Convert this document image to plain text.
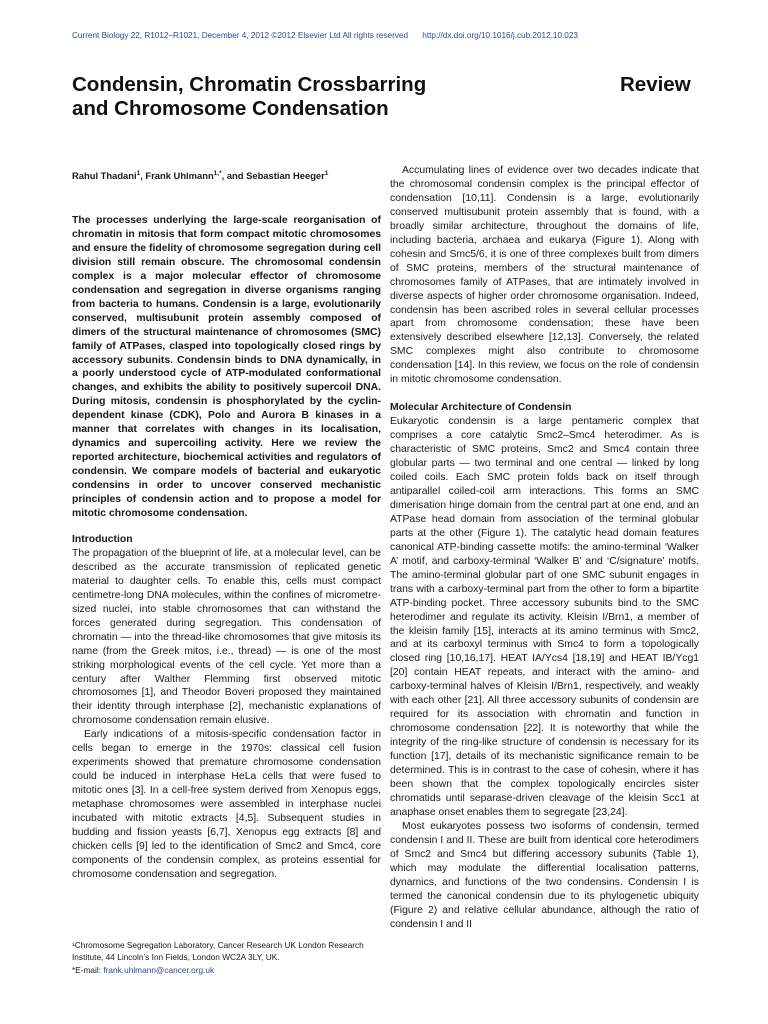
Current Biology 22, R1012–R1021, December 4, 2012 ©2012 Elsevier Ltd All rights reserved http://dx.doi.org/10.1016/j.cub.2012.10.023
Condensin, Chromatin Crossbarring
and Chromosome Condensation
Review
Rahul Thadani$^1$, Frank Uhlmann$^{1,*}$, and Sebastian Heeger$^1$

The processes underlying the large-scale reorganisation of chromatin in mitosis that form compact mitotic chromosomes and ensure the fidelity of chromosome segregation during cell division still remain obscure. The chromosomal condensin complex is a major molecular effector of chromosome condensation and segregation in diverse organisms ranging from bacteria to humans. Condensin is a large, evolutionarily conserved, multisubunit protein assembly composed of dimers of the structural maintenance of chromosomes (SMC) family of ATPases, clasped into topologically closed rings by accessory subunits. Condensin binds to DNA dynamically, in a poorly understood cycle of ATP-modulated conformational changes, and exhibits the ability to positively supercoil DNA. During mitosis, condensin is phosphorylated by the cyclin-dependent kinase (CDK), Polo and Aurora B kinases in a manner that correlates with changes in its localisation, dynamics and supercoiling activity. Here we review the reported architecture, biochemical activities and regulators of condensin. We compare models of bacterial and eukaryotic condensins in order to uncover conserved mechanistic principles of condensin action and to propose a model for mitotic chromosome condensation.

Introduction

The propagation of the blueprint of life, at a molecular level, can be described as the accurate transmission of replicated genetic material to daughter cells. To enable this, cells must compact centimetre-long DNA molecules, within the confines of micrometre-sized nuclei, into stable chromosomes that can withstand the forces generated during segregation. This condensation of chromatin — into the thread-like chromosomes that give mitosis its name (from the Greek mitos, i.e., thread) — is one of the most striking morphological events of the cell cycle. Yet more than a century after Walther Flemming first observed mitotic chromosomes [1], and Theodor Boveri proposed they maintained their identity through interphase [2], mechanistic explanations of chromosome condensation remain elusive.

Early indications of a mitosis-specific condensation factor in cells began to emerge in the 1970s: classical cell fusion experiments showed that premature chromosome condensation could be induced in interphase HeLa cells that were fused to mitotic ones [3]. In a cell-free system derived from Xenopus eggs, metaphase chromosomes were assembled in interphase nuclei incubated with mitotic extracts [4,5]. Subsequent studies in budding and fission yeasts [6,7], Xenopus egg extracts [8] and chicken cells [9] led to the identification of Smc2 and Smc4, core components of the condensin complex, as proteins essential for chromosome condensation and segregation.

¹Chromosome Segregation Laboratory, Cancer Research UK London Research Institute, 44 Lincoln’s Inn Fields, London WC2A 3LY, UK.
*E-mail: frank.uhlmann@cancer.org.uk

Accumulating lines of evidence over two decades indicate that the chromosomal condensin complex is the principal effector of condensation [10,11]. Condensin is a large, evolutionarily conserved multisubunit protein assembly that is found, with a broadly similar architecture, throughout the domains of life, including bacteria, archaea and eukarya (Figure 1). Along with cohesin and Smc5/6, it is one of three complexes built from dimers of SMC proteins, members of the structural maintenance of chromosomes family of ATPases, that are intimately involved in diverse aspects of higher order chromosome organisation. Indeed, condensin has been ascribed roles in several cellular processes apart from chromosome condensation; these have been extensively described elsewhere [12,13]. Conversely, the related SMC complexes might also contribute to chromosome condensation [14]. In this review, we focus on the role of condensin in mitotic chromosome condensation.

Molecular Architecture of Condensin

Eukaryotic condensin is a large pentameric complex that comprises a core catalytic Smc2–Smc4 heterodimer. As is characteristic of SMC proteins, Smc2 and Smc4 contain three globular parts — two terminal and one central — linked by long coiled coils. Each SMC protein folds back on itself through antiparallel coiled-coil arm interactions. This forms an SMC dimerisation hinge domain from the central part at one end, and an ATPase head domain from association of the terminal globular parts at the other (Figure 1). The catalytic head domain features canonical ATP-binding cassette motifs: the amino-terminal ‘Walker A’ motif, and carboxy-terminal ‘Walker B’ and ‘C/signature’ motifs. The amino-terminal globular part of one SMC subunit engages in trans with a carboxy-terminal part from the other to form a bipartite ATP-binding pocket. Three accessory subunits bind to the SMC heterodimer and regulate its activity. Kleisin I/Brn1, a member of the kleisin family [15], interacts at its amino terminus with Smc2, and at its carboxyl terminus with Smc4 to form a topologically closed ring [10,16,17]. HEAT IA/Ycs4 [18,19] and HEAT IB/Ycg1 [20] contain HEAT repeats, and interact with the amino- and carboxy-terminal halves of Kleisin I/Brn1, respectively, and weakly with each other [21]. All three accessory subunits of condensin are required for its association with chromatin and function in chromosome condensation [22]. It is noteworthy that while the integrity of the ring-like structure of condensin is necessary for its function [17], details of its mechanistic significance remain to be determined. This is in contrast to the case of cohesin, where it has been shown that the complex topologically encircles sister chromatids until separase-driven cleavage of the kleisin Scc1 at anaphase onset enables them to segregate [23,24].

Most eukaryotes possess two isoforms of condensin, termed condensin I and II. These are built from identical core heterodimers of Smc2 and Smc4 but differing accessory subunits (Table 1), which may modulate the differential localisation patterns, dynamics, and functions of the two condensins. Condensin I is termed the canonical condensin due to its phylogenetic ubiquity (Figure 2) and relative cellular abundance, although the ratio of condensin I and II
